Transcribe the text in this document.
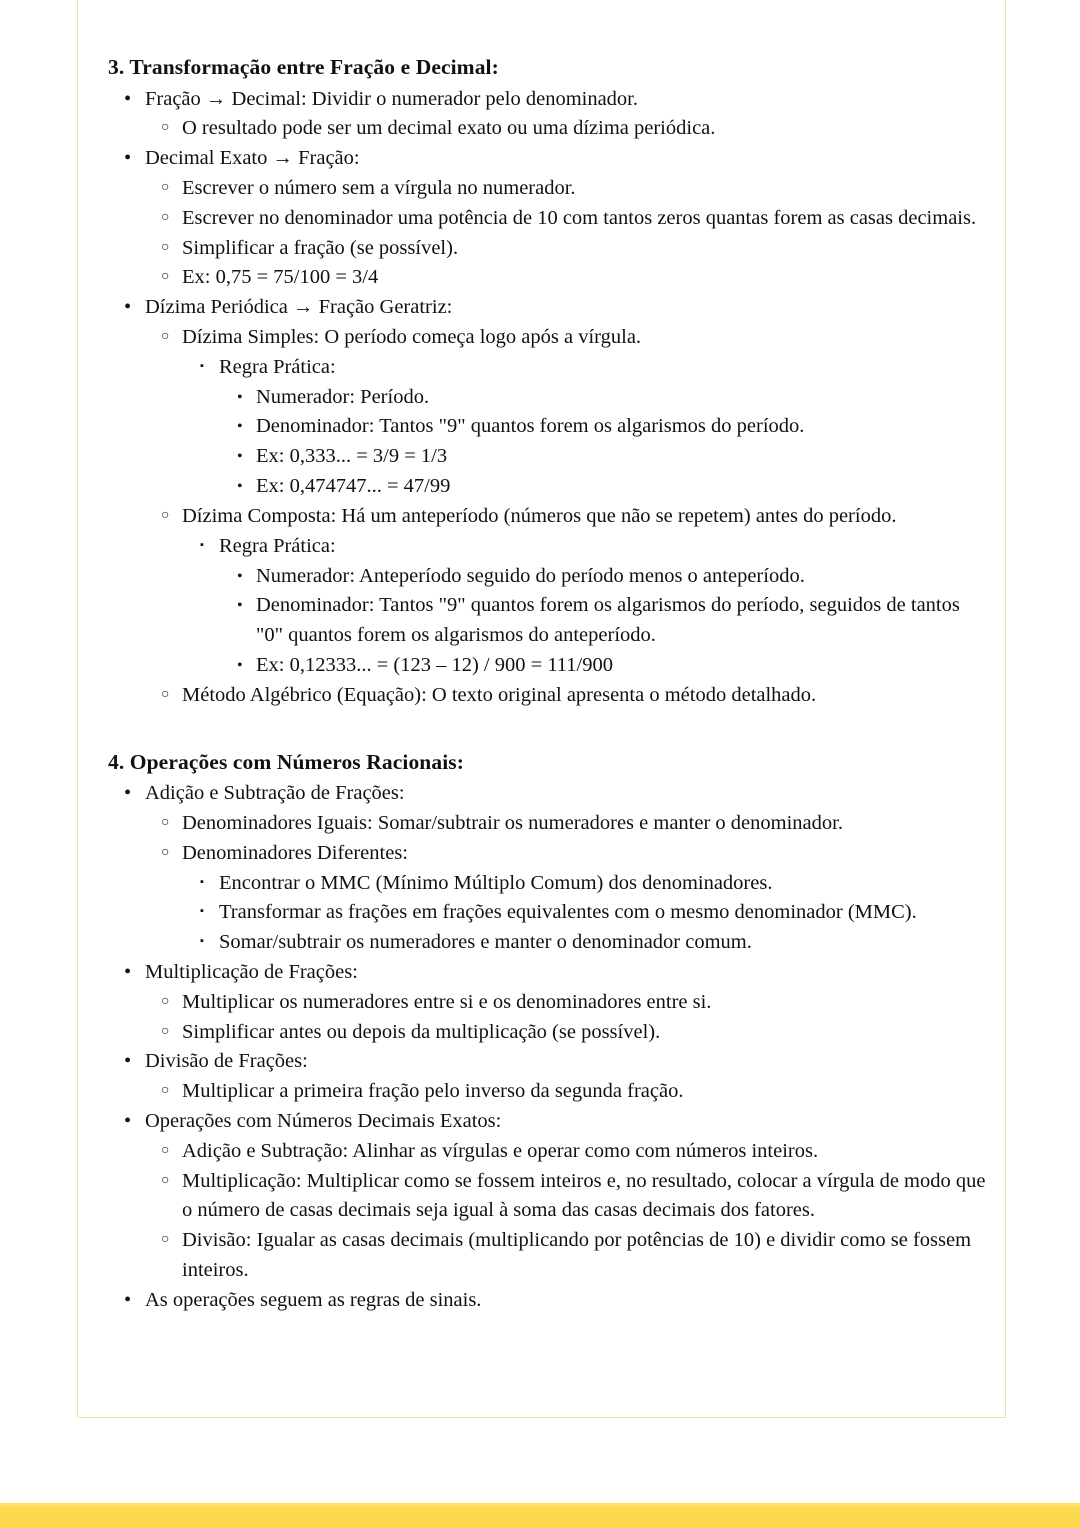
3. Transformação entre Fração e Decimal:
• Fração → Decimal: Dividir o numerador pelo denominador.
○ O resultado pode ser um decimal exato ou uma dízima periódica.
• Decimal Exato → Fração:
○ Escrever o número sem a vírgula no numerador.
○ Escrever no denominador uma potência de 10 com tantos zeros quantas forem as casas decimais.
○ Simplificar a fração (se possível).
○ Ex: 0,75 = 75/100 = 3/4
• Dízima Periódica → Fração Geratriz:
○ Dízima Simples: O período começa logo após a vírgula.
▪ Regra Prática:
• Numerador: Período.
• Denominador: Tantos "9" quantos forem os algarismos do período.
• Ex: 0,333... = 3/9 = 1/3
• Ex: 0,474747... = 47/99
○ Dízima Composta: Há um anteperíodo (números que não se repetem) antes do período.
▪ Regra Prática:
• Numerador: Anteperíodo seguido do período menos o anteperíodo.
• Denominador: Tantos "9" quantos forem os algarismos do período, seguidos de tantos "0" quantos forem os algarismos do anteperíodo.
• Ex: 0,12333... = (123 – 12) / 900 = 111/900
○ Método Algébrico (Equação): O texto original apresenta o método detalhado.
4. Operações com Números Racionais:
• Adição e Subtração de Frações:
○ Denominadores Iguais: Somar/subtrair os numeradores e manter o denominador.
○ Denominadores Diferentes:
▪ Encontrar o MMC (Mínimo Múltiplo Comum) dos denominadores.
▪ Transformar as frações em frações equivalentes com o mesmo denominador (MMC).
▪ Somar/subtrair os numeradores e manter o denominador comum.
• Multiplicação de Frações:
○ Multiplicar os numeradores entre si e os denominadores entre si.
○ Simplificar antes ou depois da multiplicação (se possível).
• Divisão de Frações:
○ Multiplicar a primeira fração pelo inverso da segunda fração.
• Operações com Números Decimais Exatos:
○ Adição e Subtração: Alinhar as vírgulas e operar como com números inteiros.
○ Multiplicação: Multiplicar como se fossem inteiros e, no resultado, colocar a vírgula de modo que o número de casas decimais seja igual à soma das casas decimais dos fatores.
○ Divisão: Igualar as casas decimais (multiplicando por potências de 10) e dividir como se fossem inteiros.
• As operações seguem as regras de sinais.
